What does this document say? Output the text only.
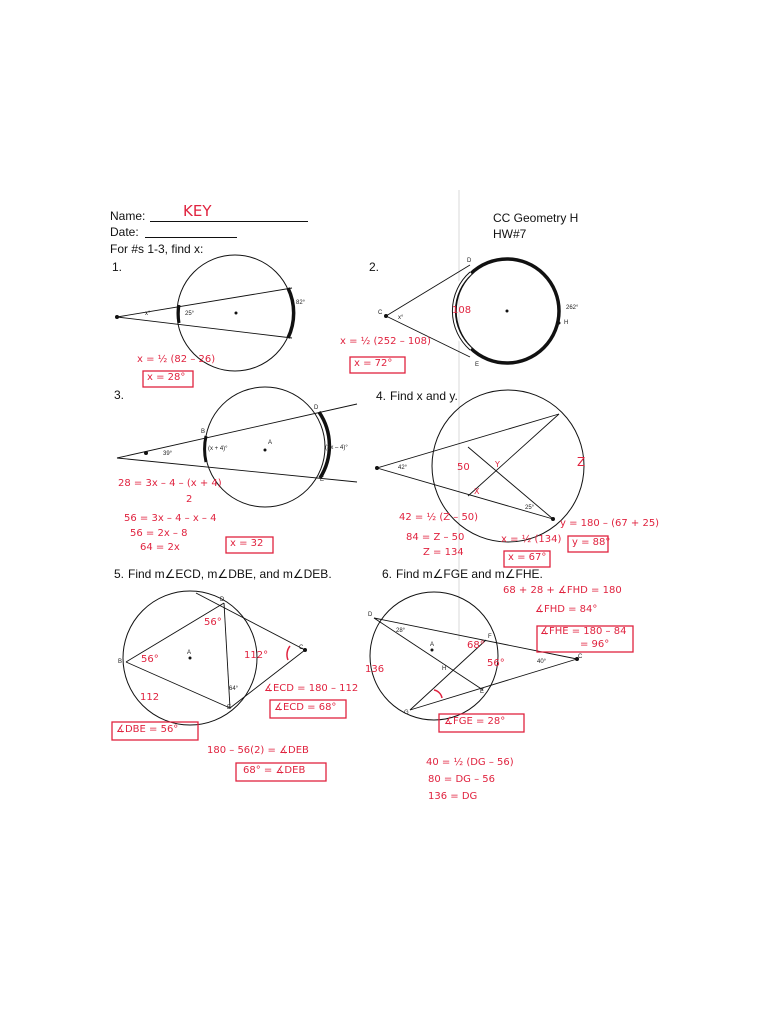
Name:	KEY
Date:
CC Geometry H
HW#7
For #s 1-3, find x:
1.
x°	25°
82°
x = ½ (82 – 26)
x = 28°
2.	D
C
x°
262°
H
E
108
x = ½ (252 – 108)
x = 72°
3.
B
39°
(x + 4)°
A
(3x – 4)°
D
E
28 = 3x – 4 – (x + 4)
2
56 = 3x – 4 – x – 4
56 = 2x – 8
64 = 2x	x = 32
4. Find x and y.
42°
25°
50	Z
Y
X
42 = ½ (Z – 50)
84 = Z – 50
Z = 134
x = ½ (134)
x = 67°
y = 180 – (67 + 25)
y = 88°
5. Find m∠ECD, m∠DBE, and m∠DEB.
D
B
A
64°
E
C
56°
56°
112
112°
∡ECD = 180 – 112
∡ECD = 68°
∡DBE = 56°
180 – 56(2) = ∡DEB
68° = ∡DEB
6. Find m∠FGE and m∠FHE.
D
28°
F
A
H
40°
C
E
G
68°
56°
136
68 + 28 + ∡FHD = 180
∡FHD = 84°
∡FHE = 180 – 84
= 96°
∡FGE = 28°
40 = ½ (DG – 56)
80 = DG – 56
136 = DG
